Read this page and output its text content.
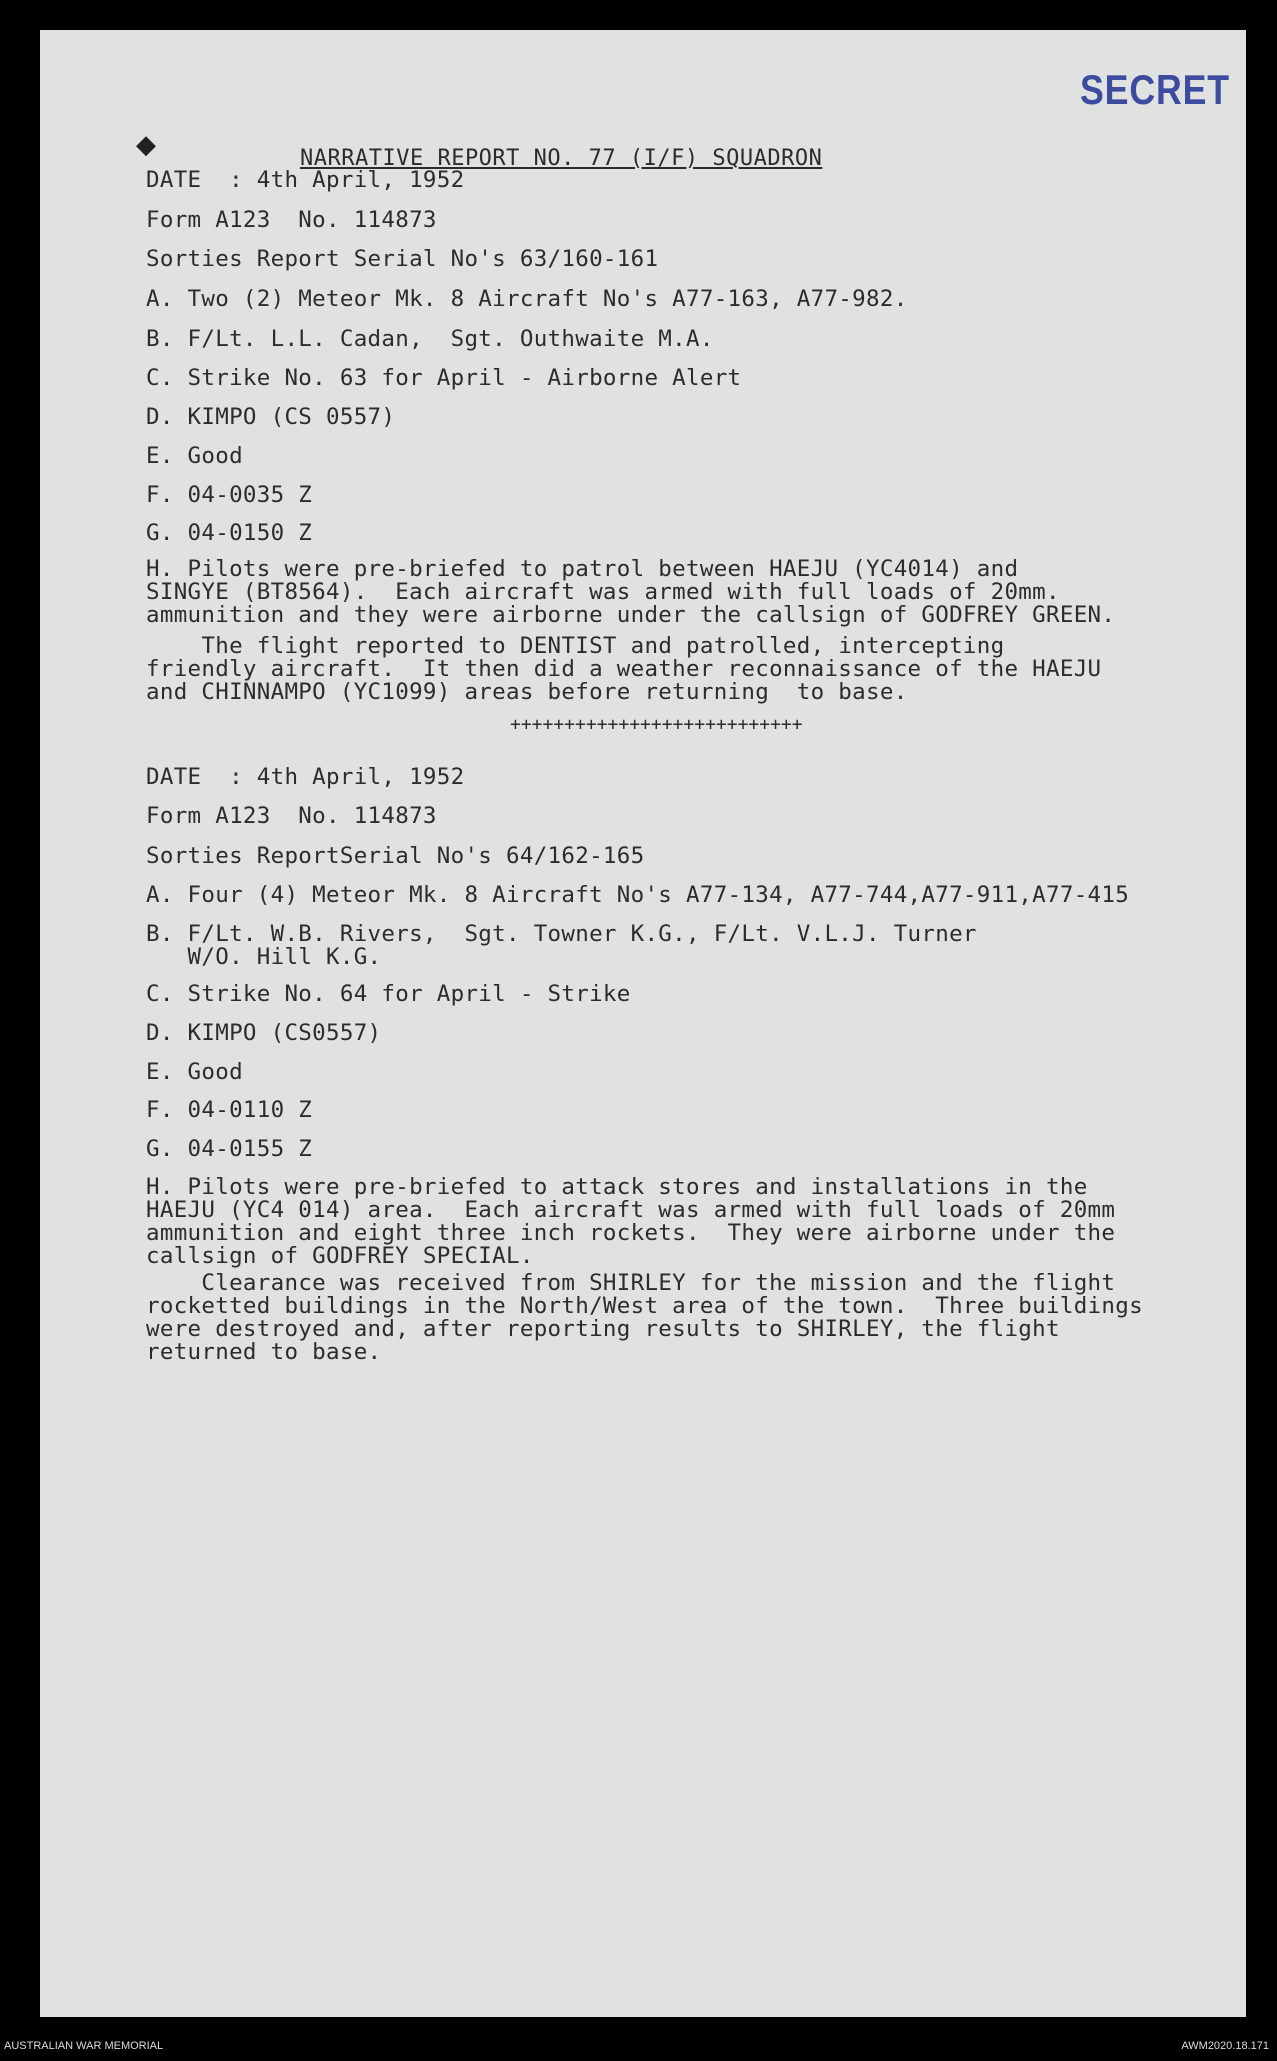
SECRET
◆	NARRATIVE REPORT NO. 77 (I/F) SQUADRON
DATE  : 4th April, 1952
Form A123  No. 114873
Sorties Report Serial No's 63/160-161
A. Two (2) Meteor Mk. 8 Aircraft No's A77-163, A77-982.
B. F/Lt. L.L. Cadan,  Sgt. Outhwaite M.A.
C. Strike No. 63 for April - Airborne Alert
D. KIMPO (CS 0557)
E. Good
F. 04-0035 Z
G. 04-0150 Z
H. Pilots were pre-briefed to patrol between HAEJU (YC4014) and
SINGYE (BT8564).  Each aircraft was armed with full loads of 20mm.
ammunition and they were airborne under the callsign of GODFREY GREEN.
The flight reported to DENTIST and patrolled, intercepting
friendly aircraft.  It then did a weather reconnaissance of the HAEJU
and CHINNAMPO (YC1099) areas before returning  to base.
+++++++++++++++++++++++++++
DATE  : 4th April, 1952
Form A123  No. 114873
Sorties ReportSerial No's 64/162-165
A. Four (4) Meteor Mk. 8 Aircraft No's A77-134, A77-744,A77-911,A77-415
B. F/Lt. W.B. Rivers,  Sgt. Towner K.G., F/Lt. V.L.J. Turner
W/O. Hill K.G.
C. Strike No. 64 for April - Strike
D. KIMPO (CS0557)
E. Good
F. 04-0110 Z
G. 04-0155 Z
H. Pilots were pre-briefed to attack stores and installations in the
HAEJU (YC4 014) area.  Each aircraft was armed with full loads of 20mm
ammunition and eight three inch rockets.  They were airborne under the
callsign of GODFREY SPECIAL.
Clearance was received from SHIRLEY for the mission and the flight
rocketted buildings in the North/West area of the town.  Three buildings
were destroyed and, after reporting results to SHIRLEY, the flight
returned to base.
AUSTRALIAN WAR MEMORIAL	AWM2020.18.171
